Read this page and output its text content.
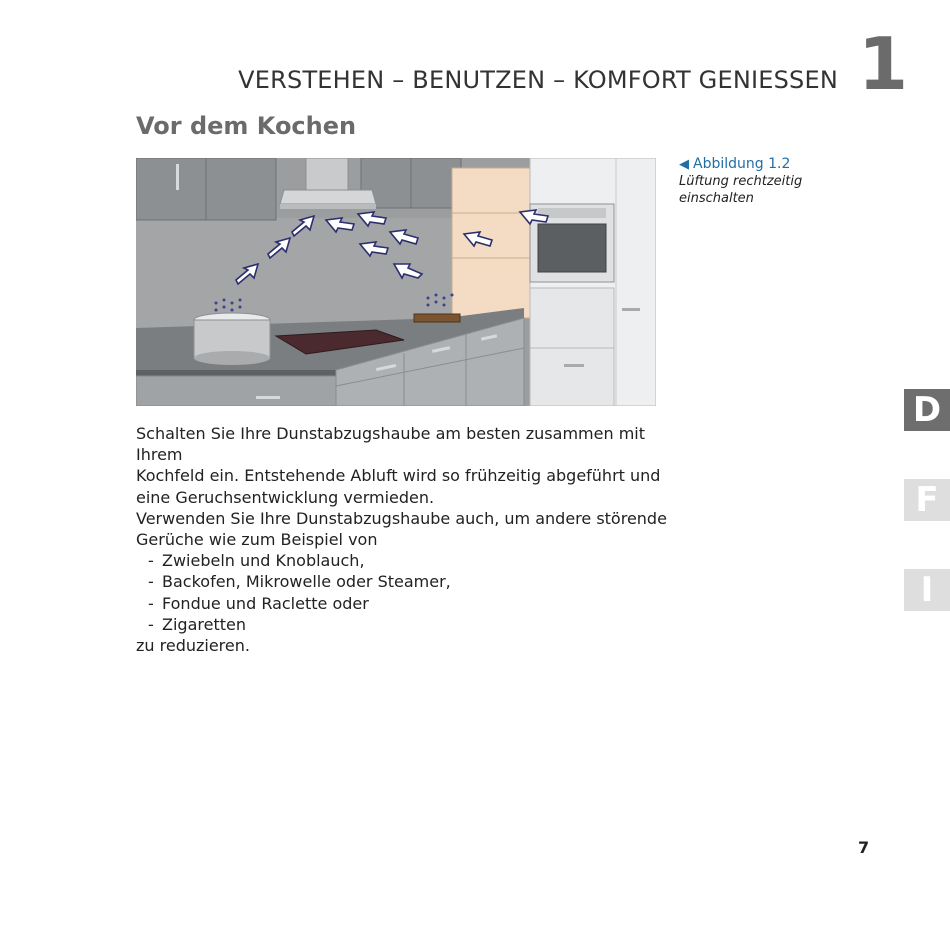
VERSTEHEN – BENUTZEN – KOMFORT GENIESSEN 1
Vor dem Kochen
◀ Abbildung 1.2
Lüftung rechtzeitig
einschalten

Schalten Sie Ihre Dunstabzugshaube am besten zusammen mit Ihrem

Kochfeld ein. Entstehende Abluft wird so frühzeitig abgeführt und

eine Geruchsentwicklung vermieden.

Verwenden Sie Ihre Dunstabzugshaube auch, um andere störende

Gerüche wie zum Beispiel von

- Zwiebeln und Knoblauch,
- Backofen, Mikrowelle oder Steamer,
- Fondue und Raclette oder
- Zigaretten

zu reduzieren.

D
F
I
7
